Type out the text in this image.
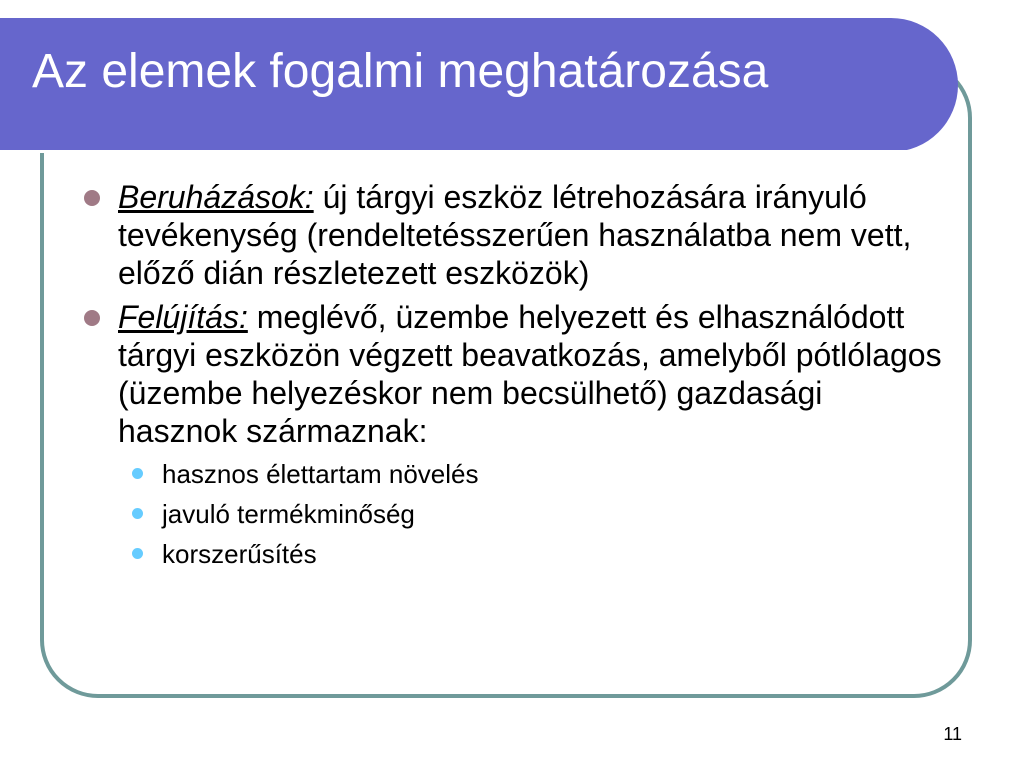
Az elemek fogalmi meghatározása
Beruházások: új tárgyi eszköz létrehozására irányuló tevékenység (rendeltetésszerűen használatba nem vett, előző dián részletezett eszközök)
Felújítás: meglévő, üzembe helyezett és elhasználódott tárgyi eszközön végzett beavatkozás, amelyből pótlólagos (üzembe helyezéskor nem becsülhető) gazdasági hasznok származnak:
hasznos élettartam növelés
javuló termékminőség
korszerűsítés
11
